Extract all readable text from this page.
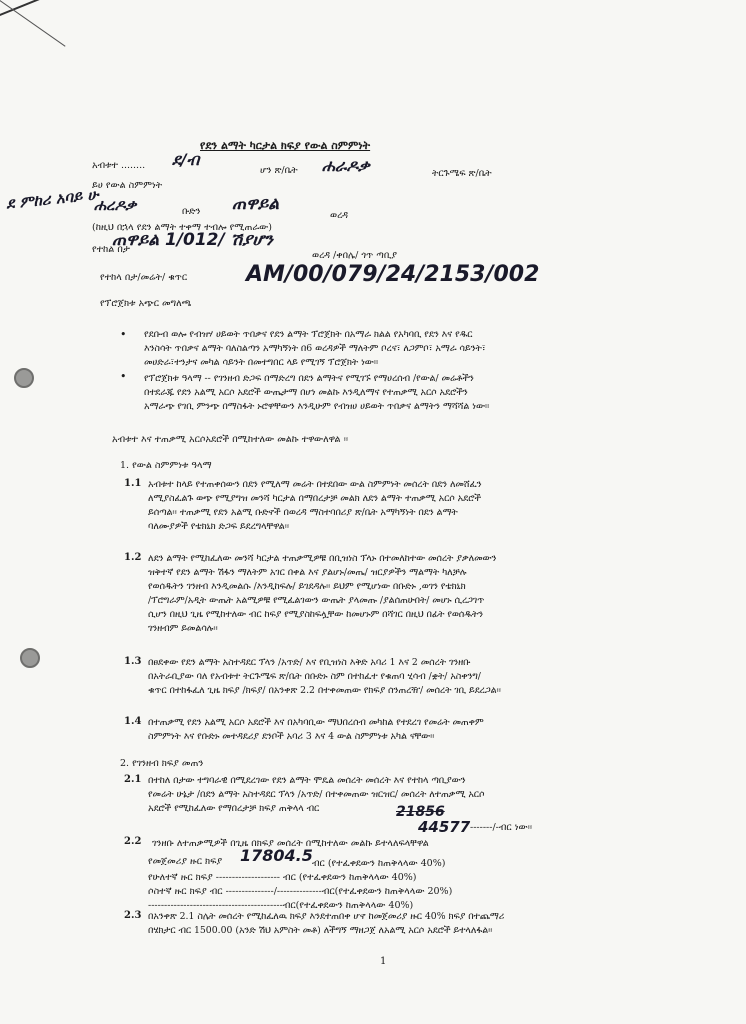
የደን ልማት ካርታል ክፍያ የውል ስምምነት
አብቱተ ........ ደ/ብ
ሆን ጽ/ቤት ሐራዶቃ
ይሀ የውል ስምምነት
ትርጉሜፍ ጽ/ቤት
ደ ምከሪ አባይ ሁ
ሐረዶቃ	ቡድን ጠዋይል
ወረዳ
(ከዚህ በኋላ የደን ልማት ተቀማ ተብሎ የሚጠራው)
የተከል በታ
ጠዋይል 1/012/ ሽያሆን
ወረዳ /ቀበሌ/ ጎጥ ጣቢያ
የተከላ በታ/መሬት/ ቁጥር	AM/00/079/24/2153/002
የፕሮጀክቱ አጭር መግለጫ
• የደቡብ ወሎ የብዝሃ ሀይወት ጥበቃና የደን ልማት ፕሮጀክት በአማራ ክልል የአካባቢ የደን እና የዱር
እንስሳት ጥበቃና ልማት ባለስልጣን አማካኝነት በ6 ወረዳዎች ማለትም ቦረና፣ ለጋምቦ፣ አማራ ሳይንት፣
መሀድራ፣ተንታና መካል ሳይንት በመተግበር ላይ የሚገኝ ፕሮጀክት ነው።
• የፕሮጀክቱ ዓላማ -- የገንዘብ ድጋፍ በማድረግ በደን ልማትና የሚገኙ የማሀረሰብ /የውል/ መሬቶችን
በተደራጁ የደን አልሚ አርሶ አደሮች ውጤታማ በሆነ መልኩ እንዲለማና የተጠቃሚ አርሶ አደሮችን
አማራጭ የገቢ ምንጭ በማስፋት ኑሮዋቸውን እንዲሁም የብዝሀ ሀይወት ጥበቃና ልማትን ማሻሻል ነው።
አብቱተ እና ተጠቃሚ አርሶአደሮች በሚከተለው መልኩ ተዋውለዋል ፡፡
1. የውል ስምምነቱ ዓላማ
1.1 አብቱተ ከላይ የተጠቀሰውን በደን የሚለማ መሬት በተደበው ውል ስምምነት መሰረት በደን ለመሸፈን
ለሚያስፈልጉ ወጭ የሚያግዝ መንሻ ካርታል በማበረታቻ መልክ ለደን ልማት ተጠቃሚ አርሶ አደሮች
ይሰጣል፡፡ ተጠቃሚ የደን አልሚ ቡድኖች በወረዳ ማስተባበሪያ ጽ/ቤት አማካኝነት በደን ልማት
ባለሙያዎች የቴክኒክ ድጋፍ ይደረግላቸዋል፡፡
1.2 ለደን ልማት የሚከፈለው መንሻ ካርታል ተጠቃሚዎቹ በቢዝነስ ፕላኑ በተመለከተው መሰረት ያቃለመውን
ዝቅተኛ የደን ልማት ሽፋን ማለትም አገር በቀል እና ያልሆኑ/መጤ/ ዝርያዎችን ማልማት ካለቻሉ
የወሰዱትን ገንዘብ እንዲመልሱ /እንዲከፍሉ/ ይገደዳሉ፡፡ ይህም የሚሆነው በቡድኑ ,ወገን የቴክኒክ
/ፕሮግራም/አዲት ውጤት አልሚዎቹ የሚፈልገውን ውጤት ያላመጡ /ያልሰጠሁበት/ መሆኑ ሲረጋገጥ
ሲሆን በዚህ ጊዜ የሚከተለው ብር ከፍያ የሚያስከፍሏቸው ከመሆኑም በሻገር በዚህ በፊት የወሰዱትን
ገንዘብም ይመልሳሉ፡፡
1.3 በፀደቀው የደን ልማት አስተዳደር ፕላን /አጥድ/ እና የቢዝነስ እቅድ አባሪ 1 እና 2 መሰረት ገንዘቡ
በአትራቢያው ባለ የአብቱተ ትርጉሜፍ ጽ/ቤት በቡድኑ ስም በተከፈተ የቁጠባ ሂሳብ /ቋት/ አስቀንግ/
ቁጥር በተከፋፈለ ጊዜ ክፍያ /ክፍያ/ በአንቀጽ 2.2 በተቀመጠው የክፍያ ሰንጠረዥ/ መሰረት ገቢ ይደረጋል፡፡
1.4 በተጠቃሚ የደን አልሚ አርሶ አደሮች እና በአካባቢው ማህበረሰብ መካከል የተደረገ የመሬት መጠቀም
ስምምነት እና የቡድኑ መተዳደሪያ ደንቦች አባሪ 3 እና 4 ውል ስምምነቱ አካል ናቸው፡፡
2. የገንዘብ ክፍያ መጠን
2.1 በተከለ በታው ተግባራዊ በሚደረገው የደን ልማት ሞዴል መሰረት መሰረት እና የተከላ ጣቢያውን
የመሬት ሁኔታ /በደን ልማት አስተዳደር ፕላን /አጥድ/ በተቀመጠው ዝርዝር/ መሰረት ለተጠቃሚ አርሶ
አደሮች የሚከፈለው የማበረታቻ ክፍያ ጠቅላላ ብር	21856
44577 -------/-ብር ነው፡፡
2.2 ገንዘቡ ለተጠቃሚዎች በጊዜ በክፍያ መሰረት በሚከተለው መልኩ ይተላለፍላቸዋል
የመጀመሪያ ዙር ክፍያ 17804.5 ብር (የተፈቀደውን ከጠቅላላው 40%)
የሁለተኛ ዙር ክፍያ -------------------- ብር (የተፈቀደውን ከጠቅላላው 40%)
ሶስተኛ ዙር ክፍያ ብር ---------------/--------------ብር(የተፈቀደውን ከጠቅላላው 20%)
------------------------------------------ብር(የተፈቀደውን ከጠቅላላው 40%)
2.3 በአንቀጽ 2.1 ስሌት መሰረት የሚከፈለዉ ክፍያ እንደተጠበቀ ሆኖ ከመጀመሪያ ዙር 40% ክፍያ በተጨማሪ
በሄክታር ብር 1500.00 (አንድ ሽህ አምስት መቶ) ለችግኝ ማዘጋጀ ለአልሚ አርሶ አደሮች ይተላለፋል፡፡
1
